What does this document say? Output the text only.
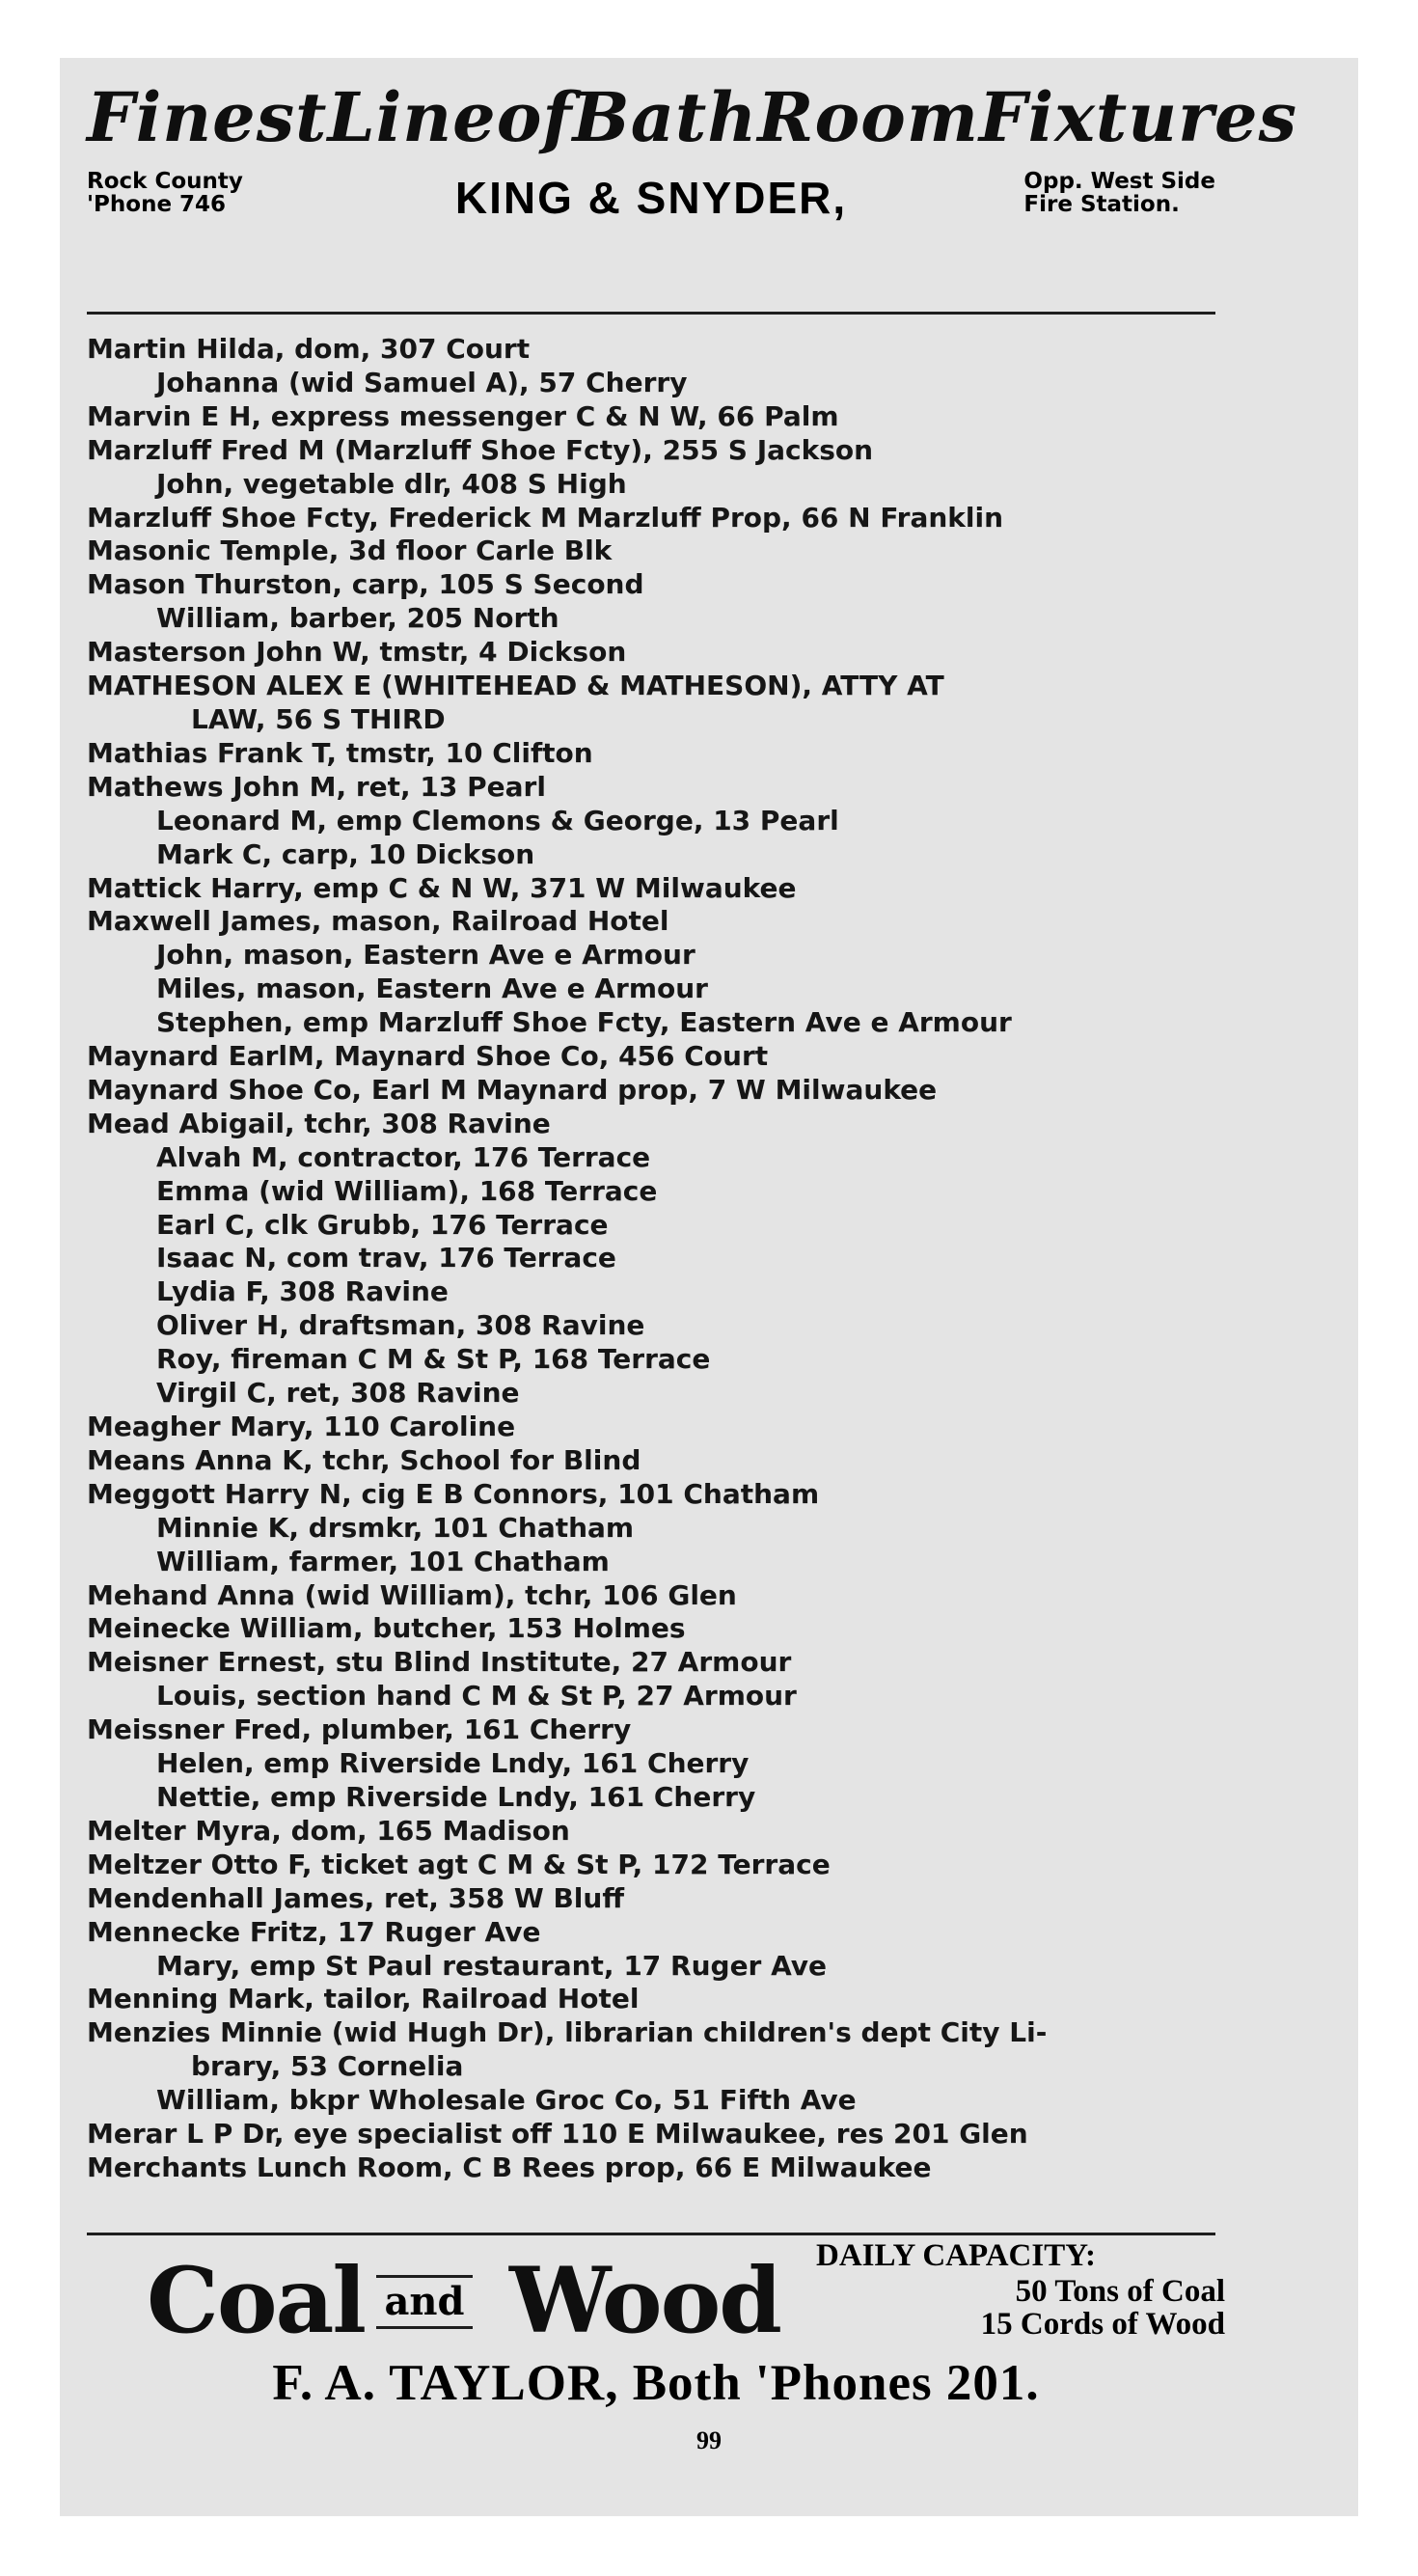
Finest Line of Bath Room Fixtures
Rock County
'Phone 746	KING & SNYDER,	Opp. West Side
Fire Station.
Martin Hilda, dom, 307 Court
Johanna (wid Samuel A), 57 Cherry
Marvin E H, express messenger C & N W, 66 Palm
Marzluff Fred M (Marzluff Shoe Fcty), 255 S Jackson
John, vegetable dlr, 408 S High
Marzluff Shoe Fcty, Frederick M Marzluff Prop, 66 N Franklin
Masonic Temple, 3d floor Carle Blk
Mason Thurston, carp, 105 S Second
William, barber, 205 North
Masterson John W, tmstr, 4 Dickson
MATHESON ALEX E (WHITEHEAD & MATHESON), ATTY AT
LAW, 56 S THIRD
Mathias Frank T, tmstr, 10 Clifton
Mathews John M, ret, 13 Pearl
Leonard M, emp Clemons & George, 13 Pearl
Mark C, carp, 10 Dickson
Mattick Harry, emp C & N W, 371 W Milwaukee
Maxwell James, mason, Railroad Hotel
John, mason, Eastern Ave e Armour
Miles, mason, Eastern Ave e Armour
Stephen, emp Marzluff Shoe Fcty, Eastern Ave e Armour
Maynard EarlM, Maynard Shoe Co, 456 Court
Maynard Shoe Co, Earl M Maynard prop, 7 W Milwaukee
Mead Abigail, tchr, 308 Ravine
Alvah M, contractor, 176 Terrace
Emma (wid William), 168 Terrace
Earl C, clk Grubb, 176 Terrace
Isaac N, com trav, 176 Terrace
Lydia F, 308 Ravine
Oliver H, draftsman, 308 Ravine
Roy, fireman C M & St P, 168 Terrace
Virgil C, ret, 308 Ravine
Meagher Mary, 110 Caroline
Means Anna K, tchr, School for Blind
Meggott Harry N, cig E B Connors, 101 Chatham
Minnie K, drsmkr, 101 Chatham
William, farmer, 101 Chatham
Mehand Anna (wid William), tchr, 106 Glen
Meinecke William, butcher, 153 Holmes
Meisner Ernest, stu Blind Institute, 27 Armour
Louis, section hand C M & St P, 27 Armour
Meissner Fred, plumber, 161 Cherry
Helen, emp Riverside Lndy, 161 Cherry
Nettie, emp Riverside Lndy, 161 Cherry
Melter Myra, dom, 165 Madison
Meltzer Otto F, ticket agt C M & St P, 172 Terrace
Mendenhall James, ret, 358 W Bluff
Mennecke Fritz, 17 Ruger Ave
Mary, emp St Paul restaurant, 17 Ruger Ave
Menning Mark, tailor, Railroad Hotel
Menzies Minnie (wid Hugh Dr), librarian children's dept City Li-
brary, 53 Cornelia
William, bkpr Wholesale Groc Co, 51 Fifth Ave
Merar L P Dr, eye specialist off 110 E Milwaukee, res 201 Glen
Merchants Lunch Room, C B Rees prop, 66 E Milwaukee
Coal and Wood DAILY CAPACITY:
50 Tons of Coal
15 Cords of Wood
F. A. TAYLOR, Both 'Phones 201.
99
